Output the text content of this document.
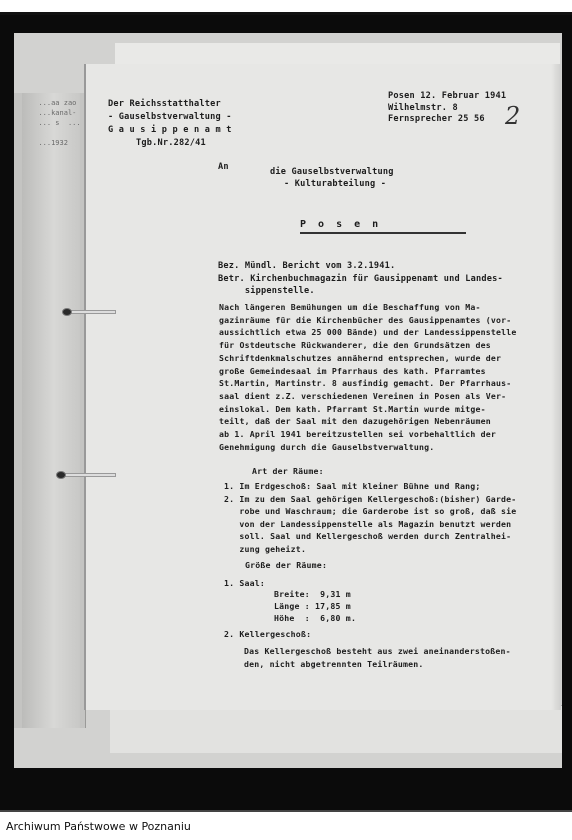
...aa zao
...kanal-
... s  ...

...1932

Der Reichsstatthalter
- Gauselbstverwaltung -
G a u s i p p e n a m t
Tgb.Nr.282/41
Posen 12. Februar 1941
Wilhelmstr. 8
Fernsprecher 25 56 2
An	die Gauselbstverwaltung
- Kulturabteilung -
P o s e n
Bez. Mündl. Bericht vom 3.2.1941.
Betr. Kirchenbuchmagazin für Gausippenamt und Landes-
sippenstelle.
Nach längeren Bemühungen um die Beschaffung von Ma-
gazinräume für die Kirchenbücher des Gausippenamtes (vor-
aussichtlich etwa 25 000 Bände) und der Landessippenstelle
für Ostdeutsche Rückwanderer, die den Grundsätzen des
Schriftdenkmalschutzes annähernd entsprechen, wurde der
große Gemeindesaal im Pfarrhaus des kath. Pfarramtes
St.Martin, Martinstr. 8 ausfindig gemacht. Der Pfarrhaus-
saal dient z.Z. verschiedenen Vereinen in Posen als Ver-
einslokal. Dem kath. Pfarramt St.Martin wurde mitge-
teilt, daß der Saal mit den dazugehörigen Nebenräumen
ab 1. April 1941 bereitzustellen sei vorbehaltlich der
Genehmigung durch die Gauselbstverwaltung.
Art der Räume:
1. Im Erdgeschoß: Saal mit kleiner Bühne und Rang;
2. Im zu dem Saal gehörigen Kellergeschoß:(bisher) Garde-
robe und Waschraum; die Garderobe ist so groß, daß sie
von der Landessippenstelle als Magazin benutzt werden
soll. Saal und Kellergeschoß werden durch Zentralhei-
zung geheizt.
Größe der Räume:
1. Saal:
Breite:  9,31 m
Länge : 17,85 m
Höhe  :  6,80 m.
2. Kellergeschoß:
Das Kellergeschoß besteht aus zwei aneinanderstoßen-
den, nicht abgetrennten Teilräumen.
Archiwum Państwowe w Poznaniu
